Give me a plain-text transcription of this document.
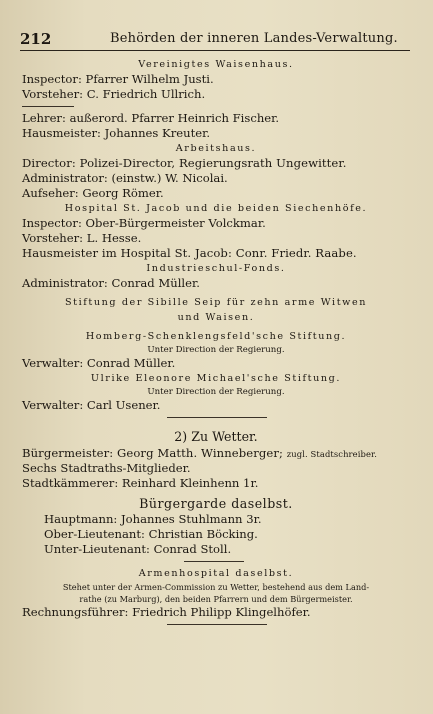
212	Behörden der inneren Landes-Verwaltung.
Vereinigtes Waisenhaus.
Inspector: Pfarrer Wilhelm Justi.
Vorsteher: C. Friedrich Ullrich.
Lehrer: außerord. Pfarrer Heinrich Fischer.
Hausmeister: Johannes Kreuter.
Arbeitshaus.
Director: Polizei-Director, Regierungsrath Ungewitter.
Administrator: (einstw.) W. Nicolai.
Aufseher: Georg Römer.
Hospital St. Jacob und die beiden Siechenhöfe.
Inspector: Ober-Bürgermeister Volckmar.
Vorsteher: L. Hesse.
Hausmeister im Hospital St. Jacob: Conr. Friedr. Raabe.
Industrieschul-Fonds.
Administrator: Conrad Müller.
Stiftung der Sibille Seip für zehn arme Witwen
und Waisen.
Homberg-Schenklengsfeld'sche Stiftung.
Unter Direction der Regierung.
Verwalter: Conrad Müller.
Ulrike Eleonore Michael'sche Stiftung.
Unter Direction der Regierung.
Verwalter: Carl Usener.
2) Zu Wetter.
Bürgermeister: Georg Matth. Winneberger; zugl. Stadtschreiber.
Sechs Stadtraths-Mitglieder.
Stadtkämmerer: Reinhard Kleinhenn 1r.
Bürgergarde daselbst.
Hauptmann: Johannes Stuhlmann 3r.
Ober-Lieutenant: Christian Böcking.
Unter-Lieutenant: Conrad Stoll.
Armenhospital daselbst.
Stehet unter der Armen-Commission zu Wetter, bestehend aus dem Land-
rathe (zu Marburg), den beiden Pfarrern und dem Bürgermeister.
Rechnungsführer: Friedrich Philipp Klingelhöfer.
